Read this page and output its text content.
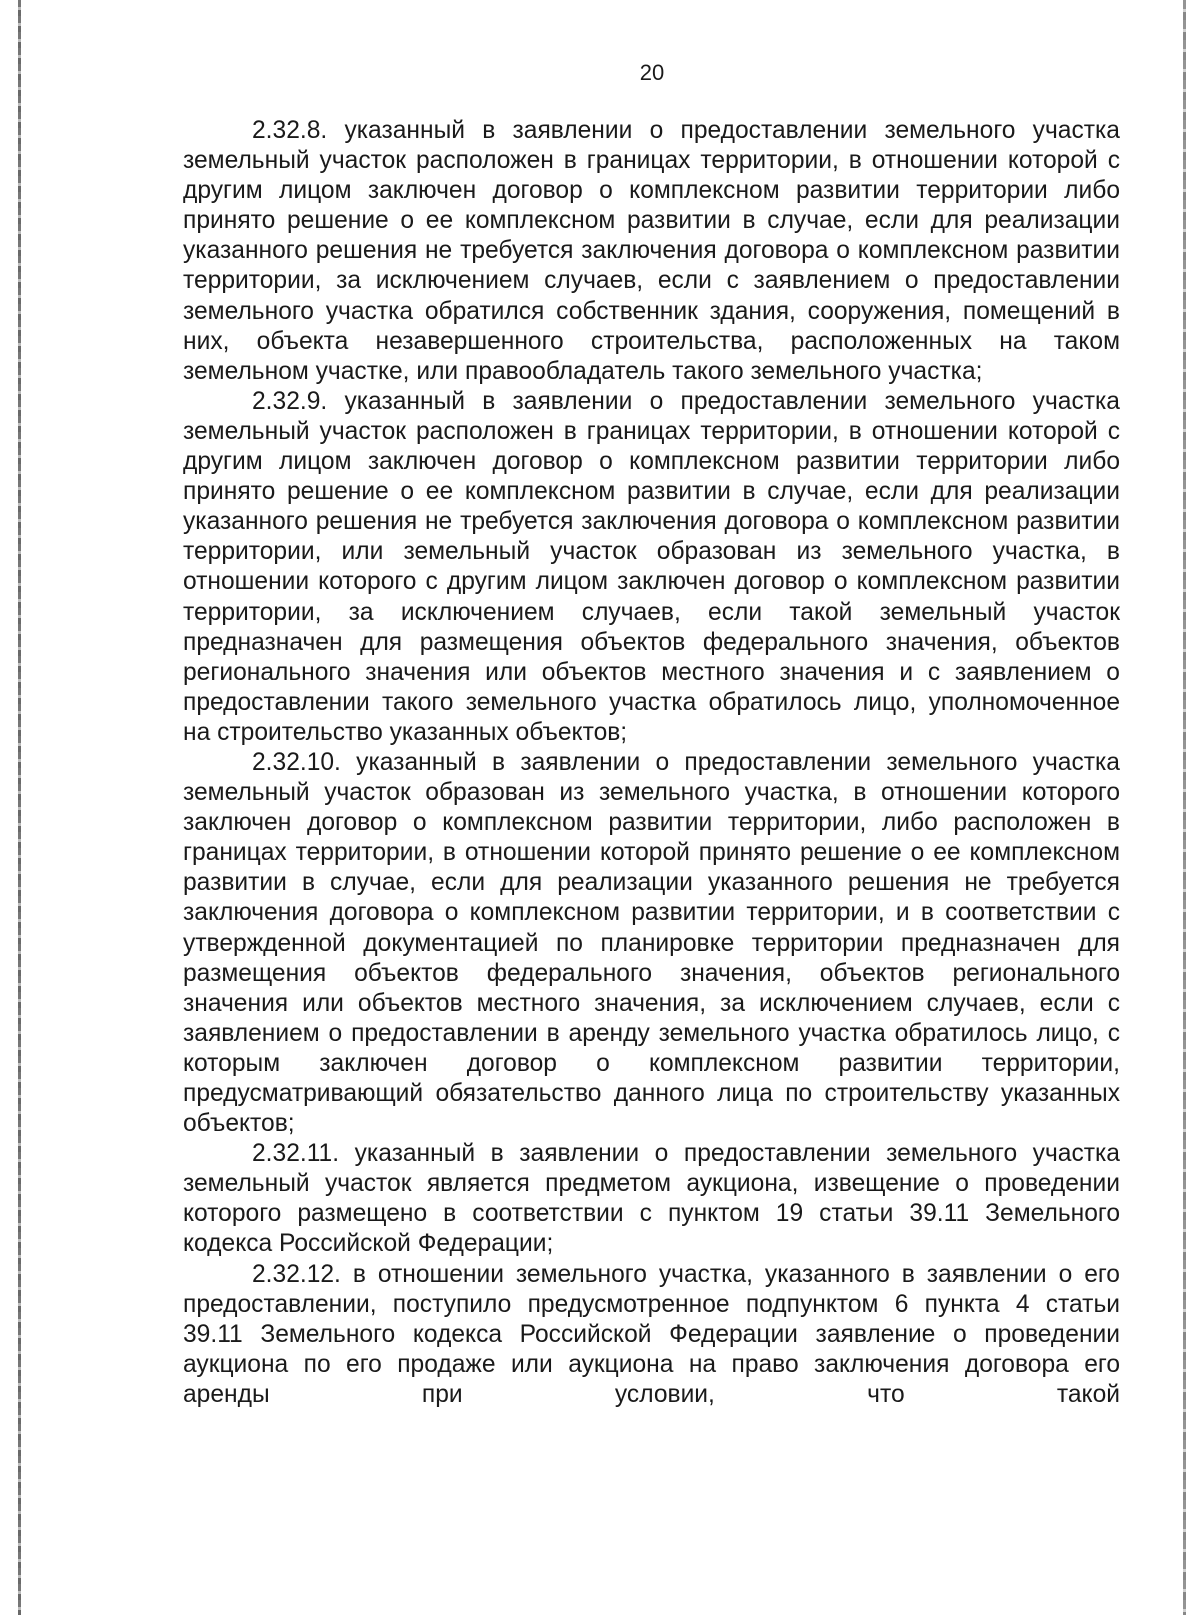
20

2.32.8. указанный в заявлении о предоставлении земельного участка земельный участок расположен в границах территории, в отношении которой с другим лицом заключен договор о комплексном развитии территории либо принято решение о ее комплексном развитии в случае, если для реализации указанного решения не требуется заключения договора о комплексном развитии территории, за исключением случаев, если с заявлением о предоставлении земельного участка обратился собственник здания, сооружения, помещений в них, объекта незавершенного строительства, расположенных на таком земельном участке, или правообладатель такого земельного участка;

2.32.9. указанный в заявлении о предоставлении земельного участка земельный участок расположен в границах территории, в отношении которой с другим лицом заключен договор о комплексном развитии территории либо принято решение о ее комплексном развитии в случае, если для реализации указанного решения не требуется заключения договора о комплексном развитии территории, или земельный участок образован из земельного участка, в отношении которого с другим лицом заключен договор о комплексном развитии территории, за исключением случаев, если такой земельный участок предназначен для размещения объектов федерального значения, объектов регионального значения или объектов местного значения и с заявлением о предоставлении такого земельного участка обратилось лицо, уполномоченное на строительство указанных объектов;

2.32.10. указанный в заявлении о предоставлении земельного участка земельный участок образован из земельного участка, в отношении которого заключен договор о комплексном развитии территории, либо расположен в границах территории, в отношении которой принято решение о ее комплексном развитии в случае, если для реализации указанного решения не требуется заключения договора о комплексном развитии территории, и в соответствии с утвержденной документацией по планировке территории предназначен для размещения объектов федерального значения, объектов регионального значения или объектов местного значения, за исключением случаев, если с заявлением о предоставлении в аренду земельного участка обратилось лицо, с которым заключен договор о комплексном развитии территории, предусматривающий обязательство данного лица по строительству указанных объектов;

2.32.11. указанный в заявлении о предоставлении земельного участка земельный участок является предметом аукциона, извещение о проведении которого размещено в соответствии с пунктом 19 статьи 39.11 Земельного кодекса Российской Федерации;

2.32.12. в отношении земельного участка, указанного в заявлении о его предоставлении, поступило предусмотренное подпунктом 6 пункта 4 статьи 39.11 Земельного кодекса Российской Федерации заявление о проведении аукциона по его продаже или аукциона на право заключения договора его аренды при условии, что такой
